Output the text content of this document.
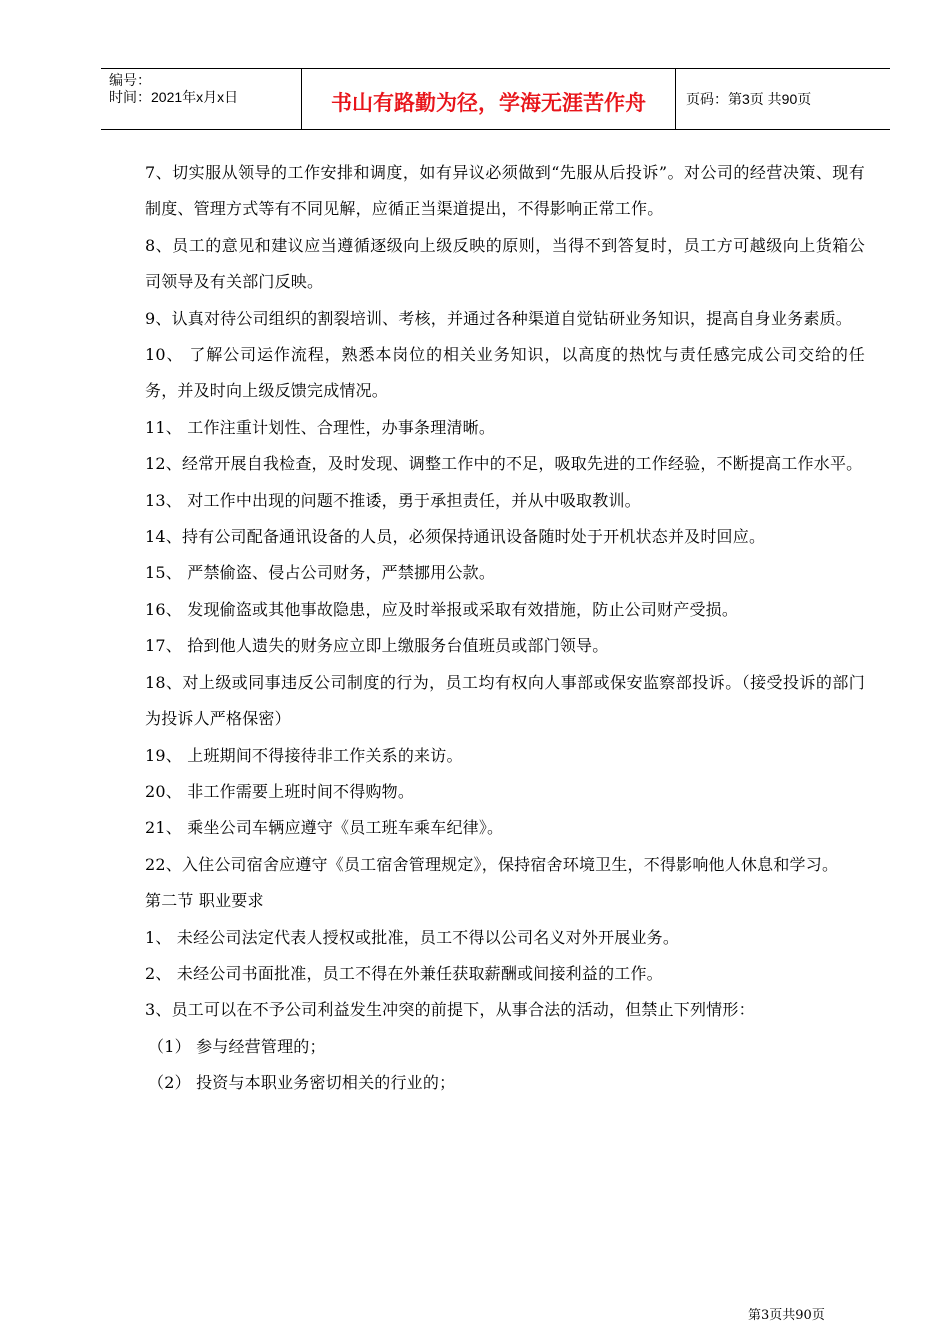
编号：
时间：2021年x月x日	书山有路勤为径，学海无涯苦作舟	页码：第3页 共90页

7、切实服从领导的工作安排和调度，如有异议必须做到“先服从后投诉”。对公司的经营决策、现有制度、管理方式等有不同见解，应循正当渠道提出，不得影响正常工作。

8、员工的意见和建议应当遵循逐级向上级反映的原则，当得不到答复时，员工方可越级向上货箱公司领导及有关部门反映。

9、认真对待公司组织的割裂培训、考核，并通过各种渠道自觉钻研业务知识，提高自身业务素质。

10、 了解公司运作流程，熟悉本岗位的相关业务知识，以高度的热忱与责任感完成公司交给的任务，并及时向上级反馈完成情况。

11、 工作注重计划性、合理性，办事条理清晰。

12、经常开展自我检查，及时发现、调整工作中的不足，吸取先进的工作经验，不断提高工作水平。

13、 对工作中出现的问题不推诿，勇于承担责任，并从中吸取教训。

14、持有公司配备通讯设备的人员，必须保持通讯设备随时处于开机状态并及时回应。

15、 严禁偷盗、侵占公司财务，严禁挪用公款。

16、 发现偷盗或其他事故隐患，应及时举报或采取有效措施，防止公司财产受损。

17、 拾到他人遗失的财务应立即上缴服务台值班员或部门领导。

18、对上级或同事违反公司制度的行为，员工均有权向人事部或保安监察部投诉。（接受投诉的部门为投诉人严格保密）

19、 上班期间不得接待非工作关系的来访。

20、 非工作需要上班时间不得购物。

21、 乘坐公司车辆应遵守《员工班车乘车纪律》。

22、入住公司宿舍应遵守《员工宿舍管理规定》，保持宿舍环境卫生，不得影响他人休息和学习。

第二节 职业要求

1、 未经公司法定代表人授权或批准，员工不得以公司名义对外开展业务。

2、 未经公司书面批准，员工不得在外兼任获取薪酬或间接利益的工作。

3、员工可以在不予公司利益发生冲突的前提下，从事合法的活动，但禁止下列情形：

（1） 参与经营管理的；

（2） 投资与本职业务密切相关的行业的；

第3页共90页
